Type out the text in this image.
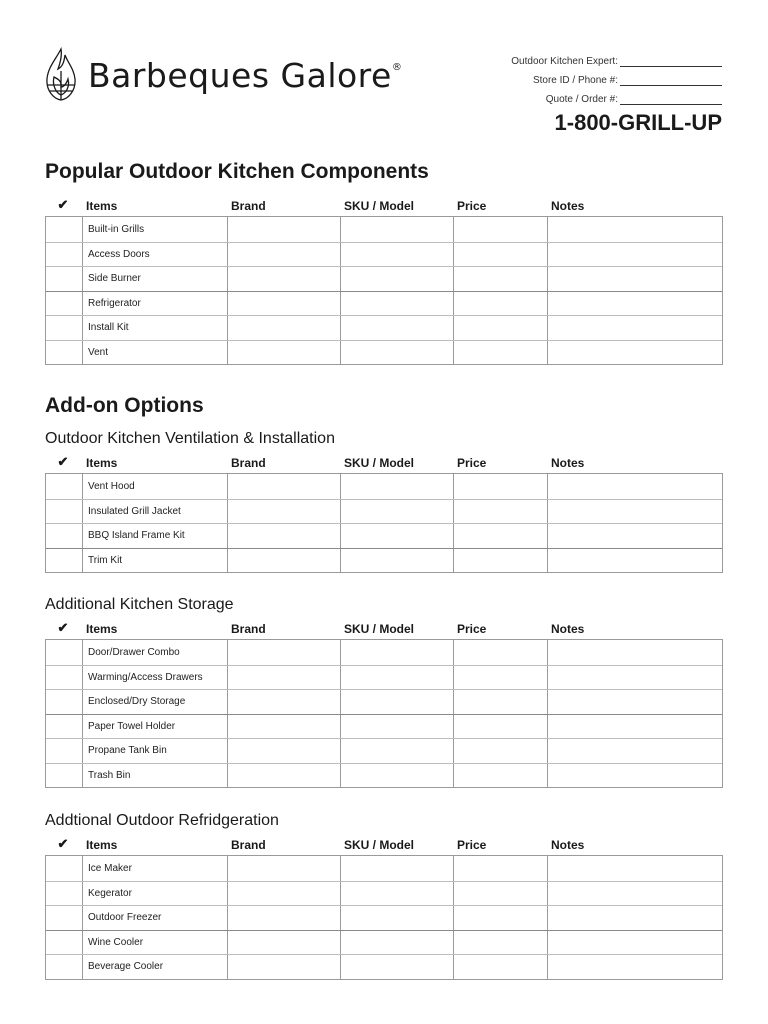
Barbeques Galore®	Outdoor Kitchen Expert:
Store ID / Phone #:
Quote / Order #:
1-800-GRILL-UP
Popular Outdoor Kitchen Components
✔	Items	Brand	SKU / Model	Price	Notes
Built-in Grills
Access Doors
Side Burner
Refrigerator
Install Kit
Vent
Add-on Options
Outdoor Kitchen Ventilation & Installation
✔	Items	Brand	SKU / Model	Price	Notes
Vent Hood
Insulated Grill Jacket
BBQ Island Frame Kit
Trim Kit
Additional Kitchen Storage
✔	Items	Brand	SKU / Model	Price	Notes
Door/Drawer Combo
Warming/Access Drawers
Enclosed/Dry Storage
Paper Towel Holder
Propane Tank Bin
Trash Bin
Addtional Outdoor Refridgeration
✔	Items	Brand	SKU / Model	Price	Notes
Ice Maker
Kegerator
Outdoor Freezer
Wine Cooler
Beverage Cooler
